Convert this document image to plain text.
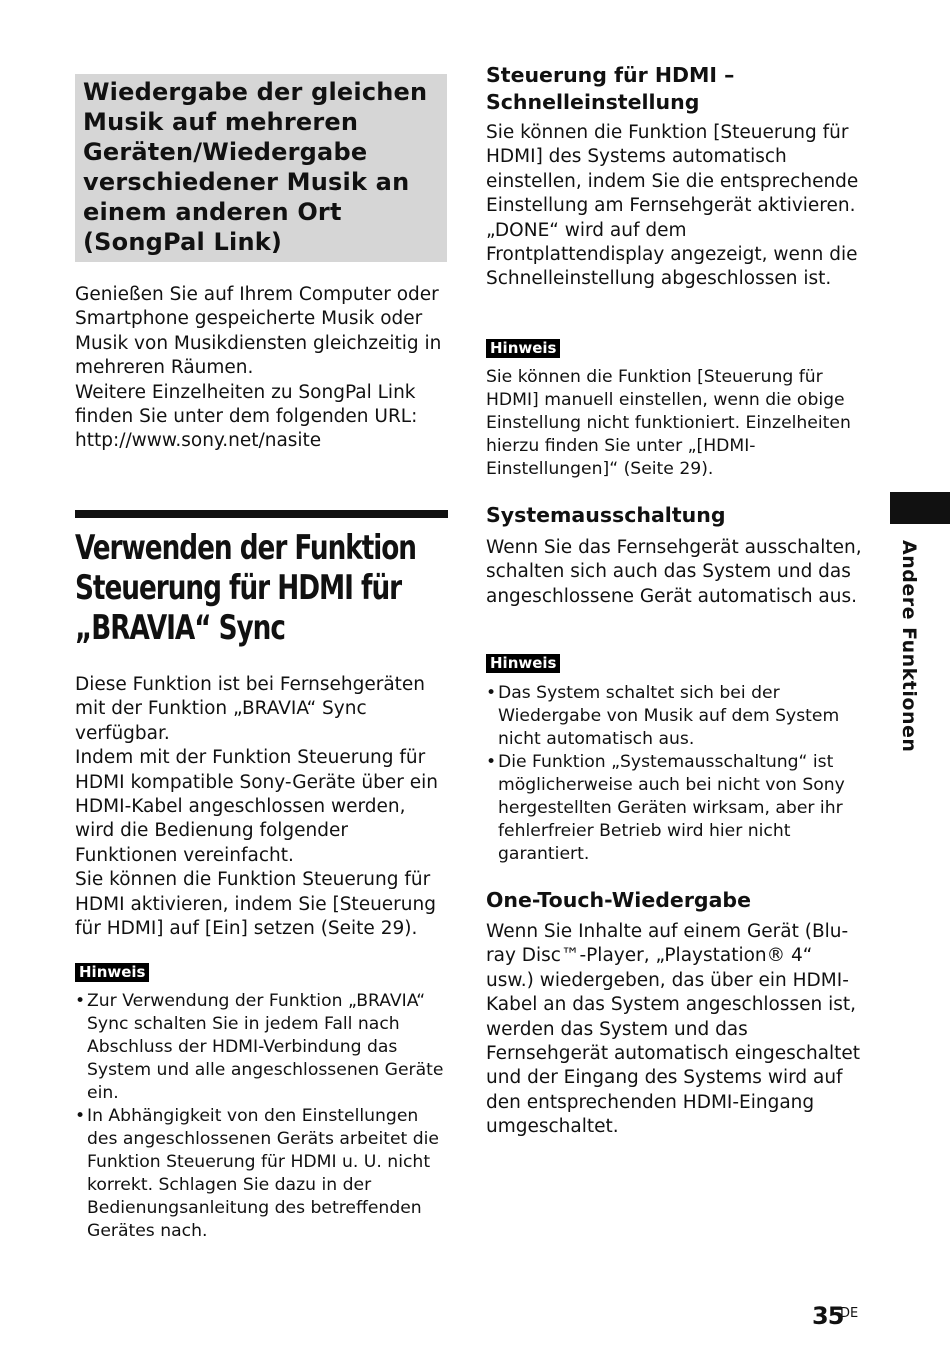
Wiedergabe der gleichen Musik auf mehreren Geräten/Wiedergabe verschiedener Musik an einem anderen Ort (SongPal Link)

Genießen Sie auf Ihrem Computer oder Smartphone gespeicherte Musik oder Musik von Musikdiensten gleichzeitig in mehreren Räumen.

Weitere Einzelheiten zu SongPal Link finden Sie unter dem folgenden URL:

http://www.sony.net/nasite

Verwenden der Funktion
Steuerung für HDMI für
„BRAVIA“ Sync

Diese Funktion ist bei Fernsehgeräten mit der Funktion „BRAVIA“ Sync verfügbar.

Indem mit der Funktion Steuerung für HDMI kompatible Sony-Geräte über ein HDMI-Kabel angeschlossen werden, wird die Bedienung folgender Funktionen vereinfacht.

Sie können die Funktion Steuerung für HDMI aktivieren, indem Sie [Steuerung für HDMI] auf [Ein] setzen (Seite 29).

Hinweis
• Zur Verwendung der Funktion „BRAVIA“ Sync schalten Sie in jedem Fall nach Abschluss der HDMI-Verbindung das System und alle angeschlossenen Geräte ein.
• In Abhängigkeit von den Einstellungen des angeschlossenen Geräts arbeitet die Funktion Steuerung für HDMI u. U. nicht korrekt. Schlagen Sie dazu in der Bedienungsanleitung des betreffenden Gerätes nach.
Steuerung für HDMI – Schnelleinstellung

Sie können die Funktion [Steuerung für HDMI] des Systems automatisch einstellen, indem Sie die entsprechende Einstellung am Fernsehgerät aktivieren. „DONE“ wird auf dem Frontplattendisplay angezeigt, wenn die Schnelleinstellung abgeschlossen ist.

Hinweis

Sie können die Funktion [Steuerung für HDMI] manuell einstellen, wenn die obige Einstellung nicht funktioniert. Einzelheiten hierzu finden Sie unter „[HDMI-Einstellungen]“ (Seite 29).

Systemausschaltung

Wenn Sie das Fernsehgerät ausschalten, schalten sich auch das System und das angeschlossene Gerät automatisch aus.

Hinweis
• Das System schaltet sich bei der Wiedergabe von Musik auf dem System nicht automatisch aus.
• Die Funktion „Systemausschaltung“ ist möglicherweise auch bei nicht von Sony hergestellten Geräten wirksam, aber ihr fehlerfreier Betrieb wird hier nicht garantiert.
One-Touch-Wiedergabe

Wenn Sie Inhalte auf einem Gerät (Blu-ray Disc™-Player, „Playstation® 4“ usw.) wiedergeben, das über ein HDMI-Kabel an das System angeschlossen ist, werden das System und das Fernsehgerät automatisch eingeschaltet und der Eingang des Systems wird auf den entsprechenden HDMI-Eingang umgeschaltet.

Andere Funktionen
35
DE
